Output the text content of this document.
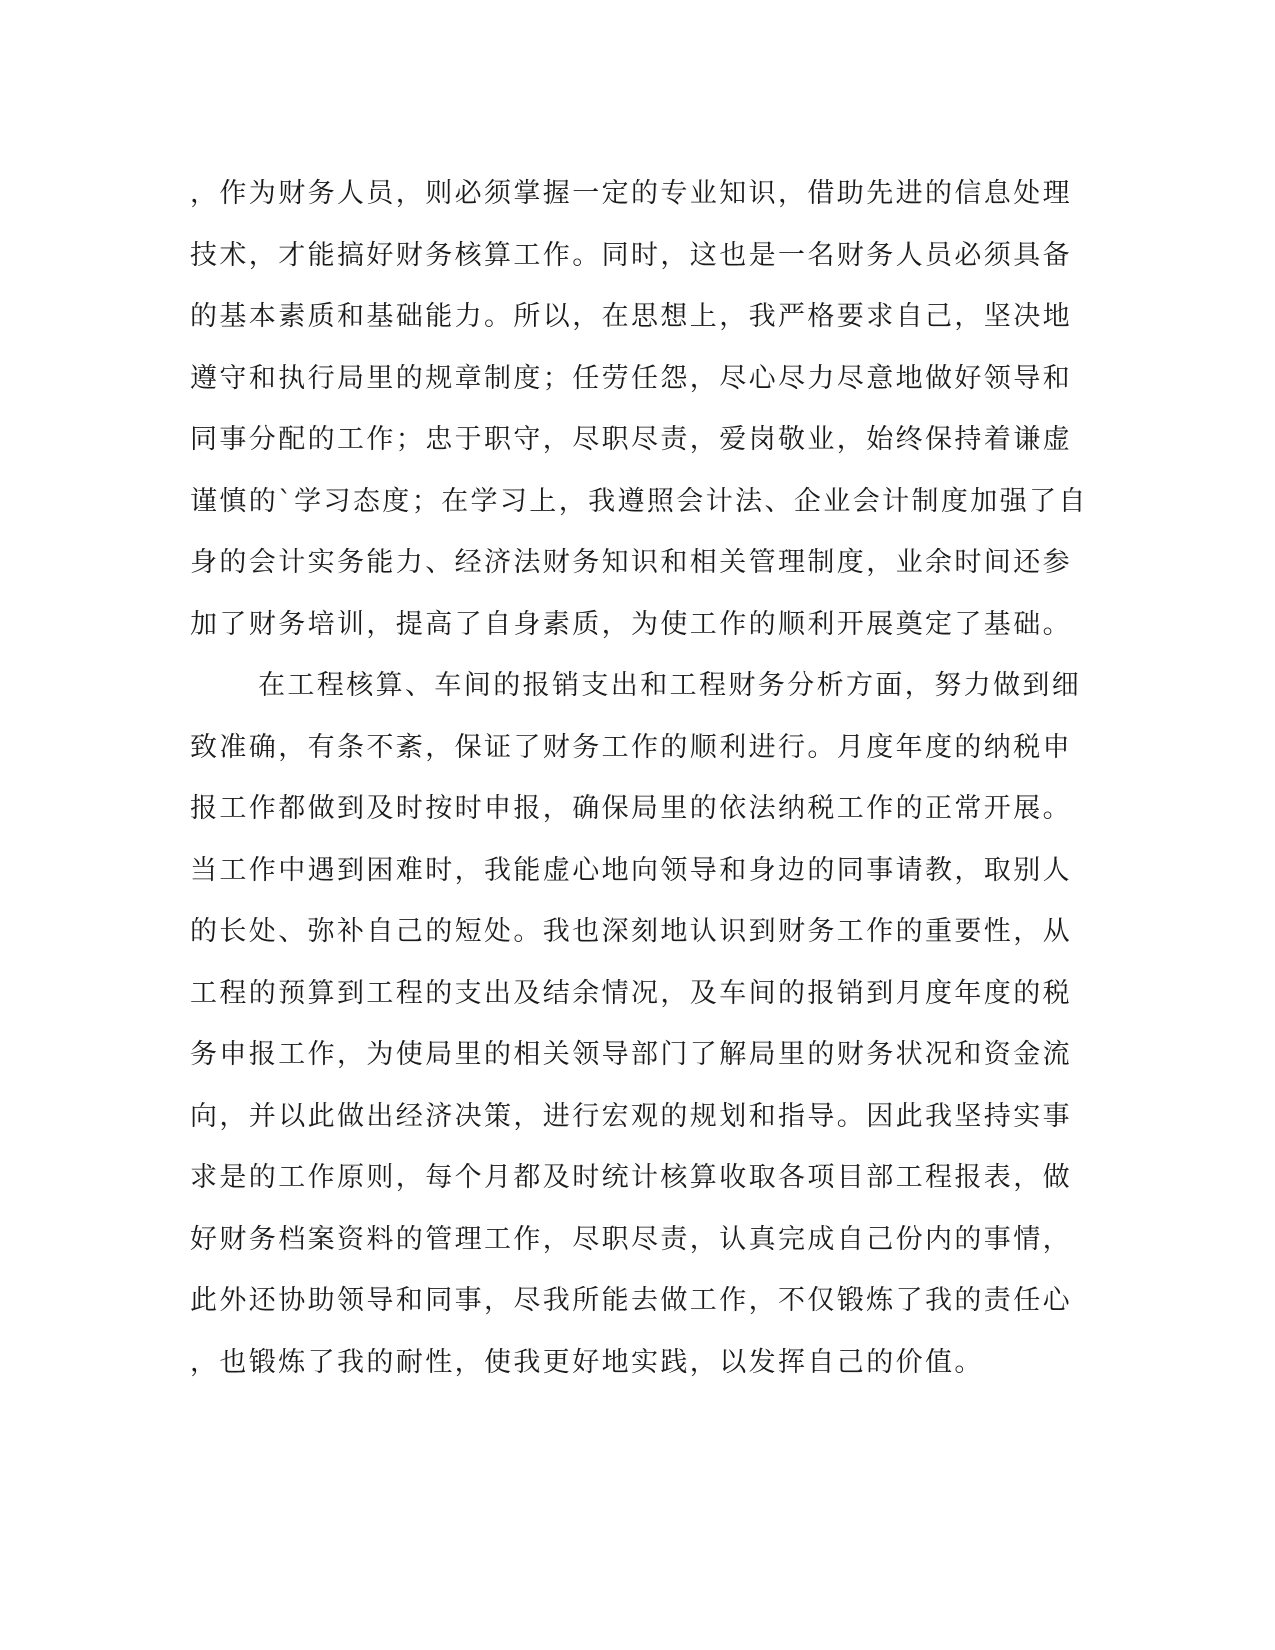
，作为财务人员，则必须掌握一定的专业知识，借助先进的信息处理
技术，才能搞好财务核算工作。同时，这也是一名财务人员必须具备
的基本素质和基础能力。所以，在思想上，我严格要求自己，坚决地
遵守和执行局里的规章制度；任劳任怨，尽心尽力尽意地做好领导和
同事分配的工作；忠于职守，尽职尽责，爱岗敬业，始终保持着谦虚
谨慎的`学习态度；在学习上，我遵照会计法、企业会计制度加强了自
身的会计实务能力、经济法财务知识和相关管理制度，业余时间还参
加了财务培训，提高了自身素质，为使工作的顺利开展奠定了基础。
在工程核算、车间的报销支出和工程财务分析方面，努力做到细
致准确，有条不紊，保证了财务工作的顺利进行。月度年度的纳税申
报工作都做到及时按时申报，确保局里的依法纳税工作的正常开展。
当工作中遇到困难时，我能虚心地向领导和身边的同事请教，取别人
的长处、弥补自己的短处。我也深刻地认识到财务工作的重要性，从
工程的预算到工程的支出及结余情况，及车间的报销到月度年度的税
务申报工作，为使局里的相关领导部门了解局里的财务状况和资金流
向，并以此做出经济决策，进行宏观的规划和指导。因此我坚持实事
求是的工作原则，每个月都及时统计核算收取各项目部工程报表，做
好财务档案资料的管理工作，尽职尽责，认真完成自己份内的事情，
此外还协助领导和同事，尽我所能去做工作，不仅锻炼了我的责任心
，也锻炼了我的耐性，使我更好地实践，以发挥自己的价值。
